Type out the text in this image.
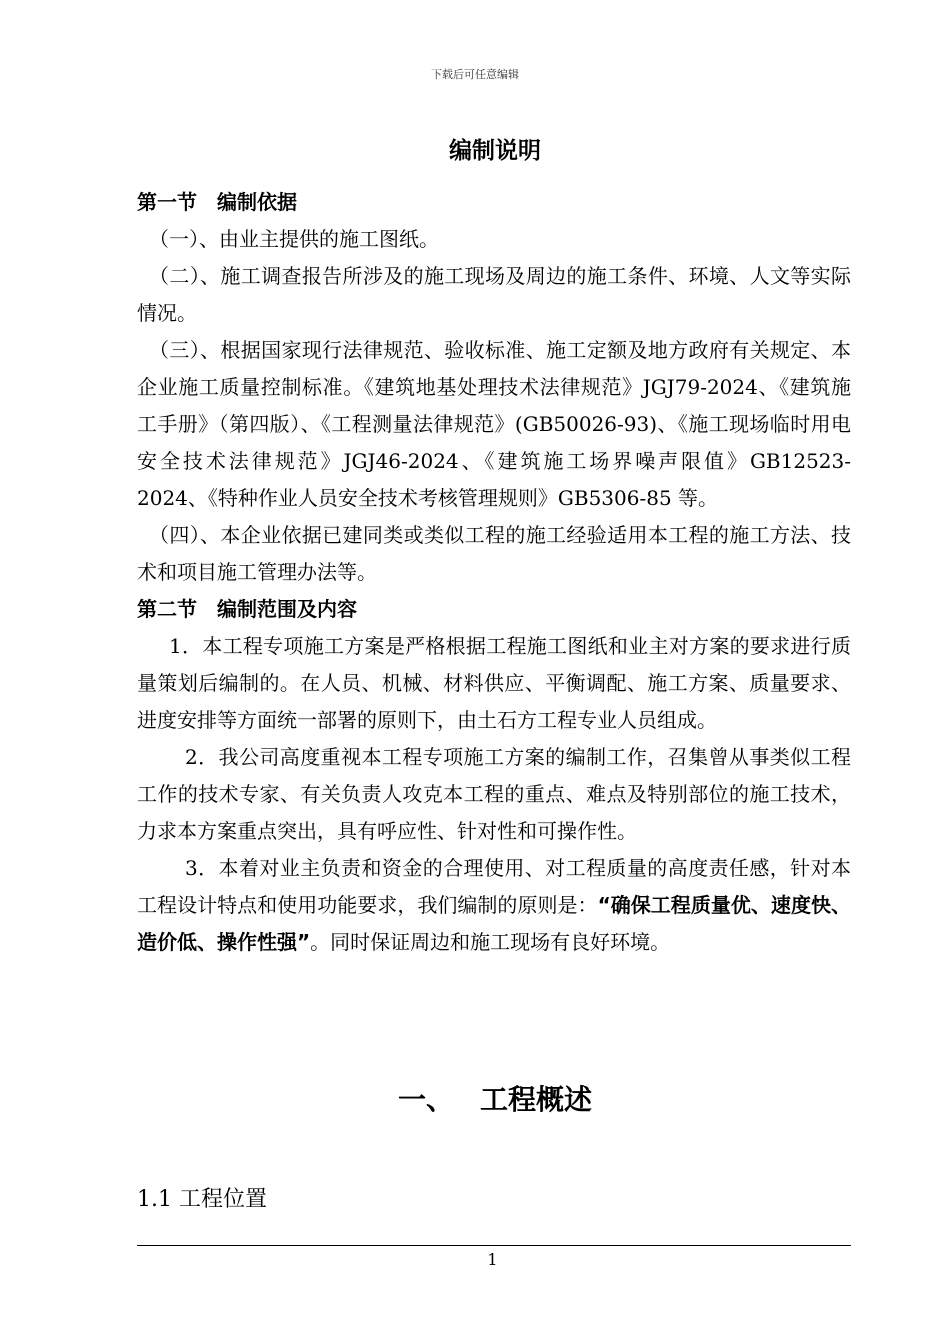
下载后可任意编辑
编制说明

第一节 编制依据

（一）、由业主提供的施工图纸。

（二）、施工调查报告所涉及的施工现场及周边的施工条件、环境、人文等实际情况。

（三）、根据国家现行法律规范、验收标准、施工定额及地方政府有关规定、本企业施工质量控制标准。《建筑地基处理技术法律规范》JGJ79-2024、《建筑施工手册》（第四版）、《工程测量法律规范》(GB50026-93)、《施工现场临时用电安全技术法律规范》JGJ46-2024、《建筑施工场界噪声限值》GB12523-2024、《特种作业人员安全技术考核管理规则》GB5306-85 等。

（四）、本企业依据已建同类或类似工程的施工经验适用本工程的施工方法、技术和项目施工管理办法等。

第二节 编制范围及内容

1．本工程专项施工方案是严格根据工程施工图纸和业主对方案的要求进行质量策划后编制的。在人员、机械、材料供应、平衡调配、施工方案、质量要求、进度安排等方面统一部署的原则下，由土石方工程专业人员组成。

2．我公司高度重视本工程专项施工方案的编制工作，召集曾从事类似工程工作的技术专家、有关负责人攻克本工程的重点、难点及特别部位的施工技术，力求本方案重点突出，具有呼应性、针对性和可操作性。

3．本着对业主负责和资金的合理使用、对工程质量的高度责任感，针对本工程设计特点和使用功能要求，我们编制的原则是：“确保工程质量优、速度快、造价低、操作性强”。同时保证周边和施工现场有良好环境。

一、 工程概述
1.1 工程位置
1
